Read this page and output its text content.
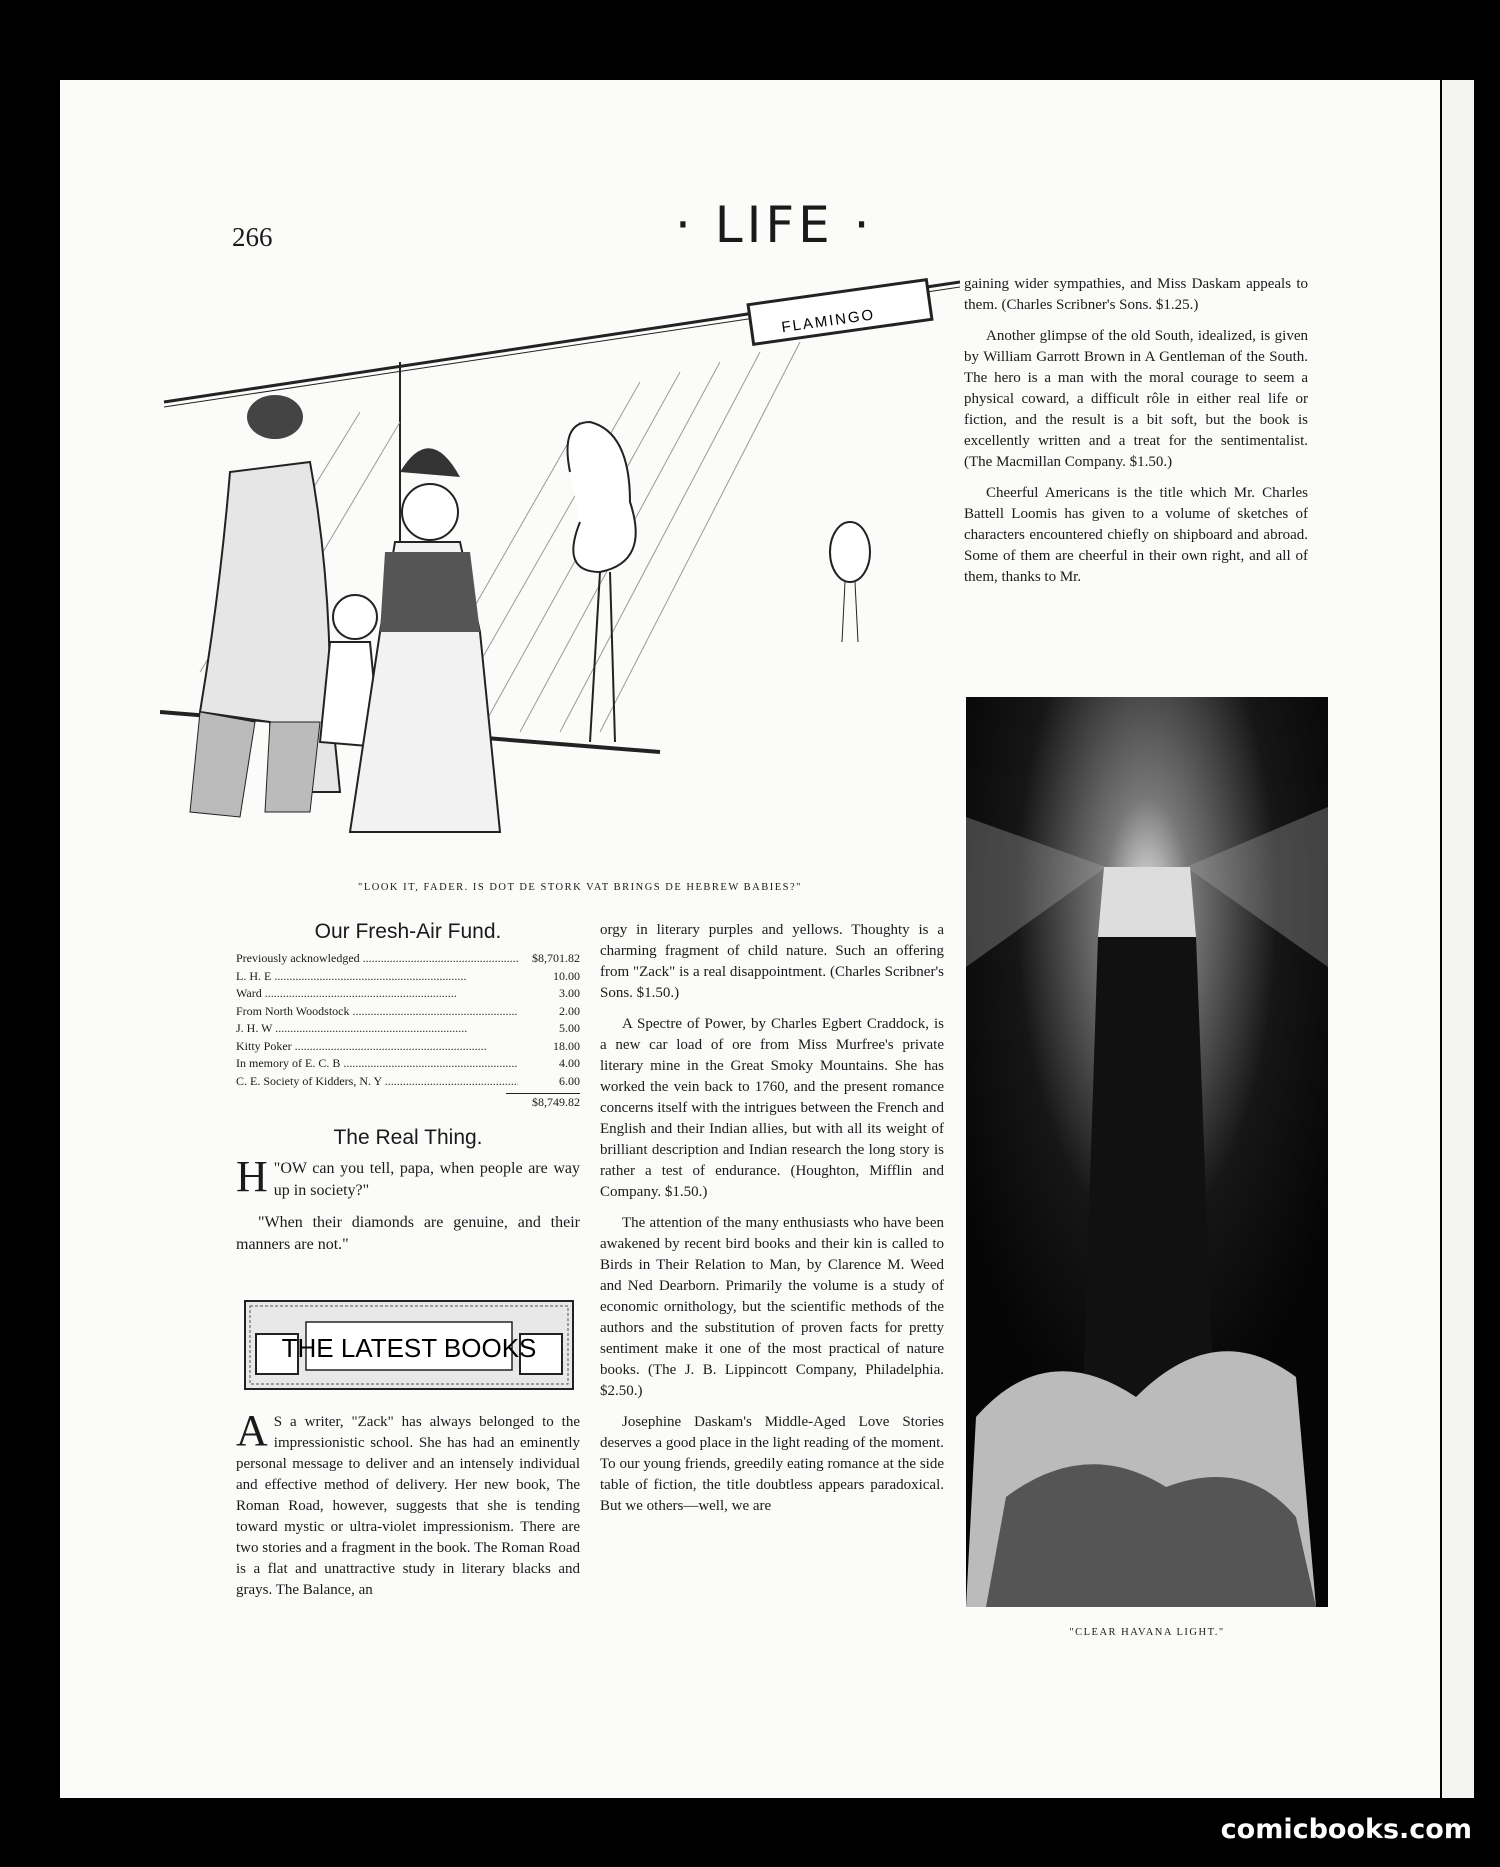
266	· LIFE ·
FLAMINGO
"LOOK IT, FADER. IS DOT DE STORK VAT BRINGS DE HEBREW BABIES?"
Our Fresh-Air Fund.
Previously acknowledged .....	$8,701.82
L. H. E .....	10.00
Ward .....	3.00
From North Woodstock .....	2.00
J. H. W .....	5.00
Kitty Poker .....	18.00
In memory of E. C. B .....	4.00
C. E. Society of Kidders, N. Y .....	6.00
$8,749.82
The Real Thing.

"
H OW can you tell, papa, when people are way up in society?"

"When their diamonds are genuine, and their manners are not."

THE LATEST BOOKS

A S a writer, "Zack" has always belonged to the impressionistic school. She has had an eminently personal message to deliver and an intensely individual and effective method of delivery. Her new book, The Roman Road, however, suggests that she is tending toward mystic or ultra-violet impressionism. There are two stories and a fragment in the book. The Roman Road is a flat and unattractive study in literary blacks and grays. The Balance, an

orgy in literary purples and yellows. Thoughty is a charming fragment of child nature. Such an offering from "Zack" is a real disappointment. (Charles Scribner's Sons. $1.50.)

A Spectre of Power, by Charles Egbert Craddock, is a new car load of ore from Miss Murfree's private literary mine in the Great Smoky Mountains. She has worked the vein back to 1760, and the present romance concerns itself with the intrigues between the French and English and their Indian allies, but with all its weight of brilliant description and Indian research the long story is rather a test of endurance. (Houghton, Mifflin and Company. $1.50.)

The attention of the many enthusiasts who have been awakened by recent bird books and their kin is called to Birds in Their Relation to Man, by Clarence M. Weed and Ned Dearborn. Primarily the volume is a study of economic ornithology, but the scientific methods of the authors and the substitution of proven facts for pretty sentiment make it one of the most practical of nature books. (The J. B. Lippincott Company, Philadelphia. $2.50.)

Josephine Daskam's Middle-Aged Love Stories deserves a good place in the light reading of the moment. To our young friends, greedily eating romance at the side table of fiction, the title doubtless appears paradoxical. But we others—well, we are

gaining wider sympathies, and Miss Daskam appeals to them. (Charles Scribner's Sons. $1.25.)

Another glimpse of the old South, idealized, is given by William Garrott Brown in A Gentleman of the South. The hero is a man with the moral courage to seem a physical coward, a difficult rôle in either real life or fiction, and the result is a bit soft, but the book is excellently written and a treat for the sentimentalist. (The Macmillan Company. $1.50.)

Cheerful Americans is the title which Mr. Charles Battell Loomis has given to a volume of sketches of characters encountered chiefly on shipboard and abroad. Some of them are cheerful in their own right, and all of them, thanks to Mr.

"CLEAR HAVANA LIGHT."
comicbooks.com
